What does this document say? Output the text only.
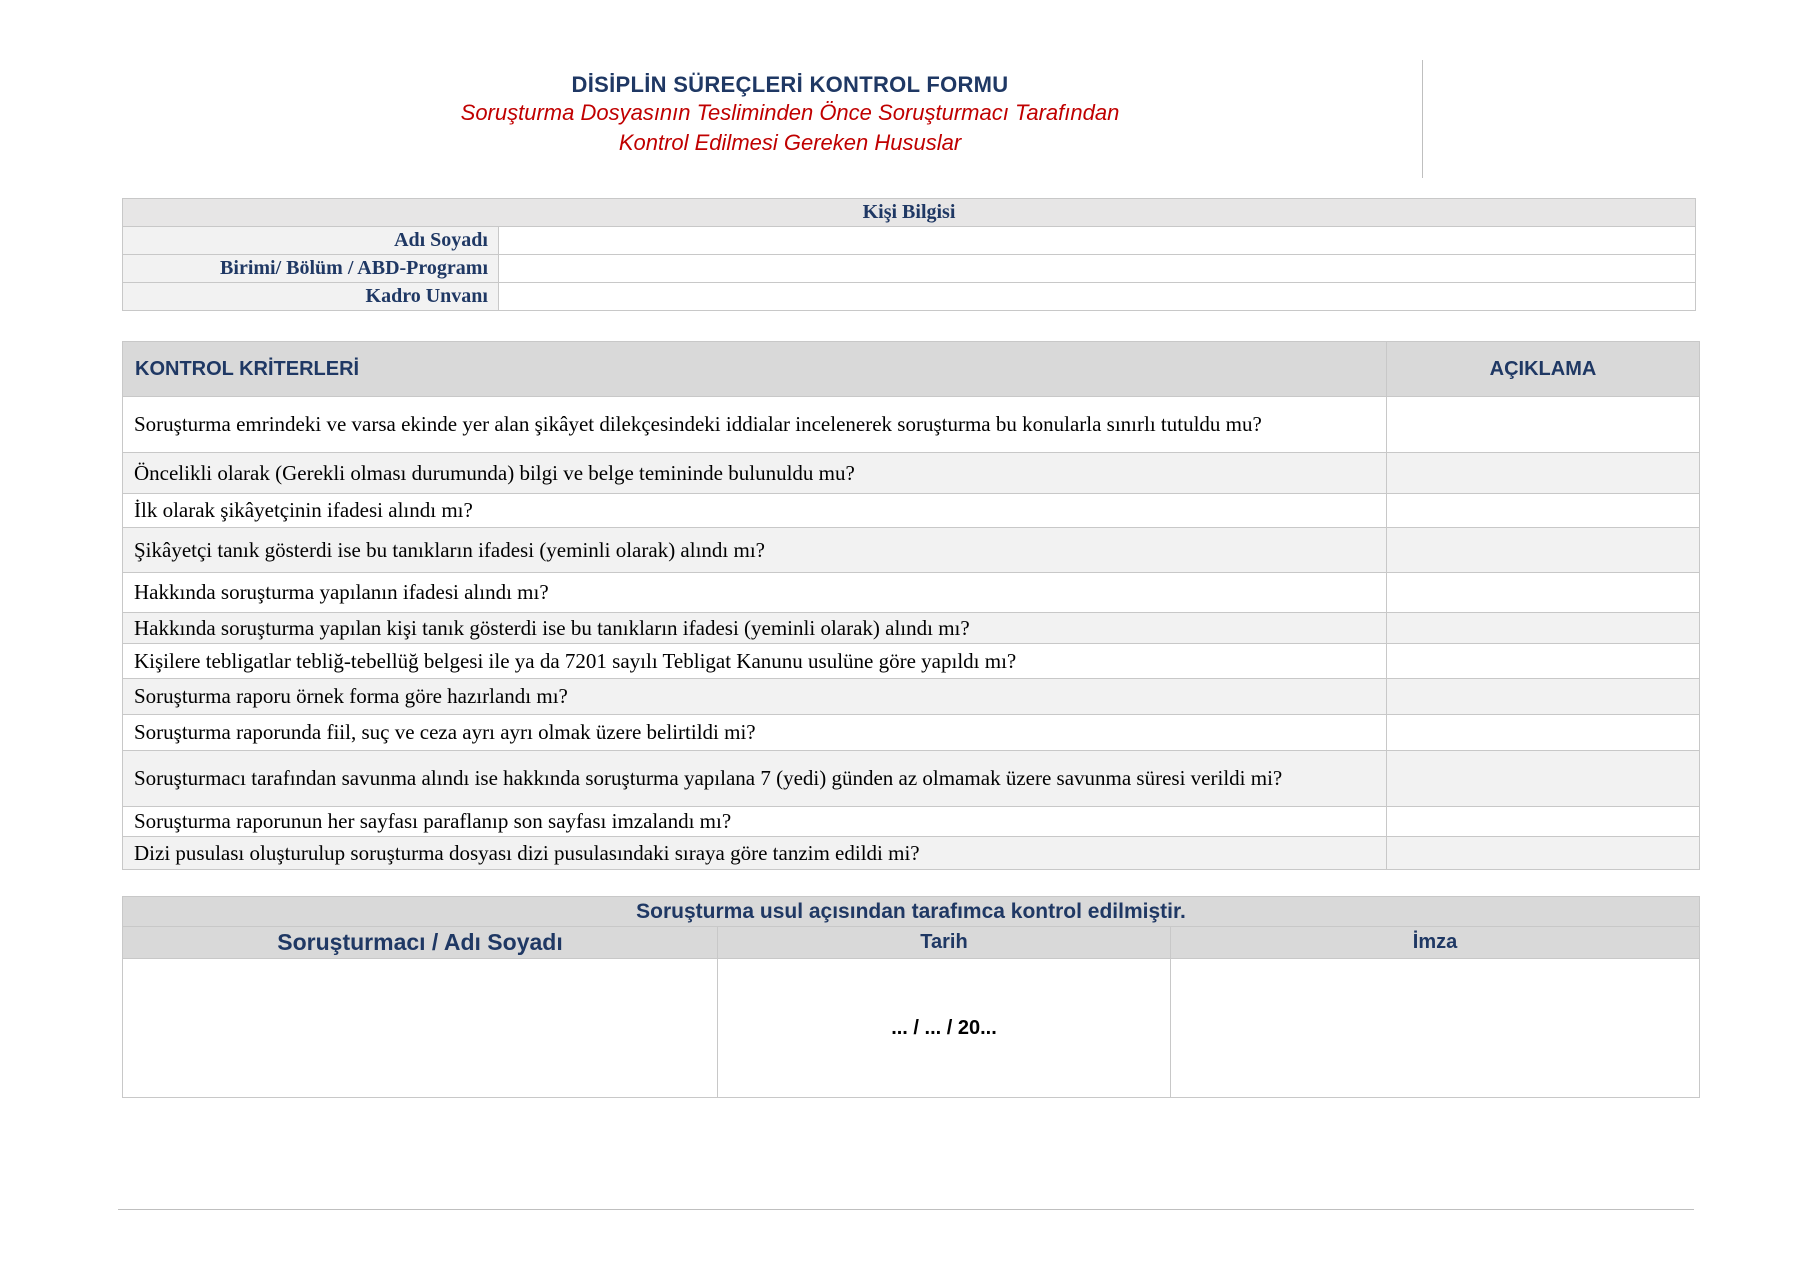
DİSİPLİN SÜREÇLERİ KONTROL FORMU
Soruşturma Dosyasının Tesliminden Önce Soruşturmacı Tarafından
Kontrol Edilmesi Gereken Hususlar
Kişi Bilgisi	
Adı Soyadı	
Birimi/ Bölüm / ABD-Programı	
Kadro Unvanı	
KONTROL KRİTERLERİ	AÇIKLAMA
Soruşturma emrindeki ve varsa ekinde yer alan şikâyet dilekçesindeki iddialar incelenerek soruşturma bu konularla sınırlı tutuldu mu?	
Öncelikli olarak (Gerekli olması durumunda) bilgi ve belge temininde bulunuldu mu?	
İlk olarak şikâyetçinin ifadesi alındı mı?	
Şikâyetçi tanık gösterdi ise bu tanıkların ifadesi (yeminli olarak) alındı mı?	
Hakkında soruşturma yapılanın ifadesi alındı mı?	
Hakkında soruşturma yapılan kişi tanık gösterdi ise bu tanıkların ifadesi (yeminli olarak) alındı mı?	
Kişilere tebligatlar tebliğ-tebellüğ belgesi ile ya da 7201 sayılı Tebligat Kanunu usulüne göre yapıldı mı?	
Soruşturma raporu örnek forma göre hazırlandı mı?	
Soruşturma raporunda fiil, suç ve ceza ayrı ayrı olmak üzere belirtildi mi?	
Soruşturmacı tarafından savunma alındı ise hakkında soruşturma yapılana 7 (yedi) günden az olmamak üzere savunma süresi verildi mi?	
Soruşturma raporunun her sayfası paraflanıp son sayfası imzalandı mı?	
Dizi pusulası oluşturulup soruşturma dosyası dizi pusulasındaki sıraya göre tanzim edildi mi?	
Soruşturma usul açısından tarafımca kontrol edilmiştir.		
Soruşturmacı / Adı Soyadı	Tarih	İmza
	... / ... / 20...	
